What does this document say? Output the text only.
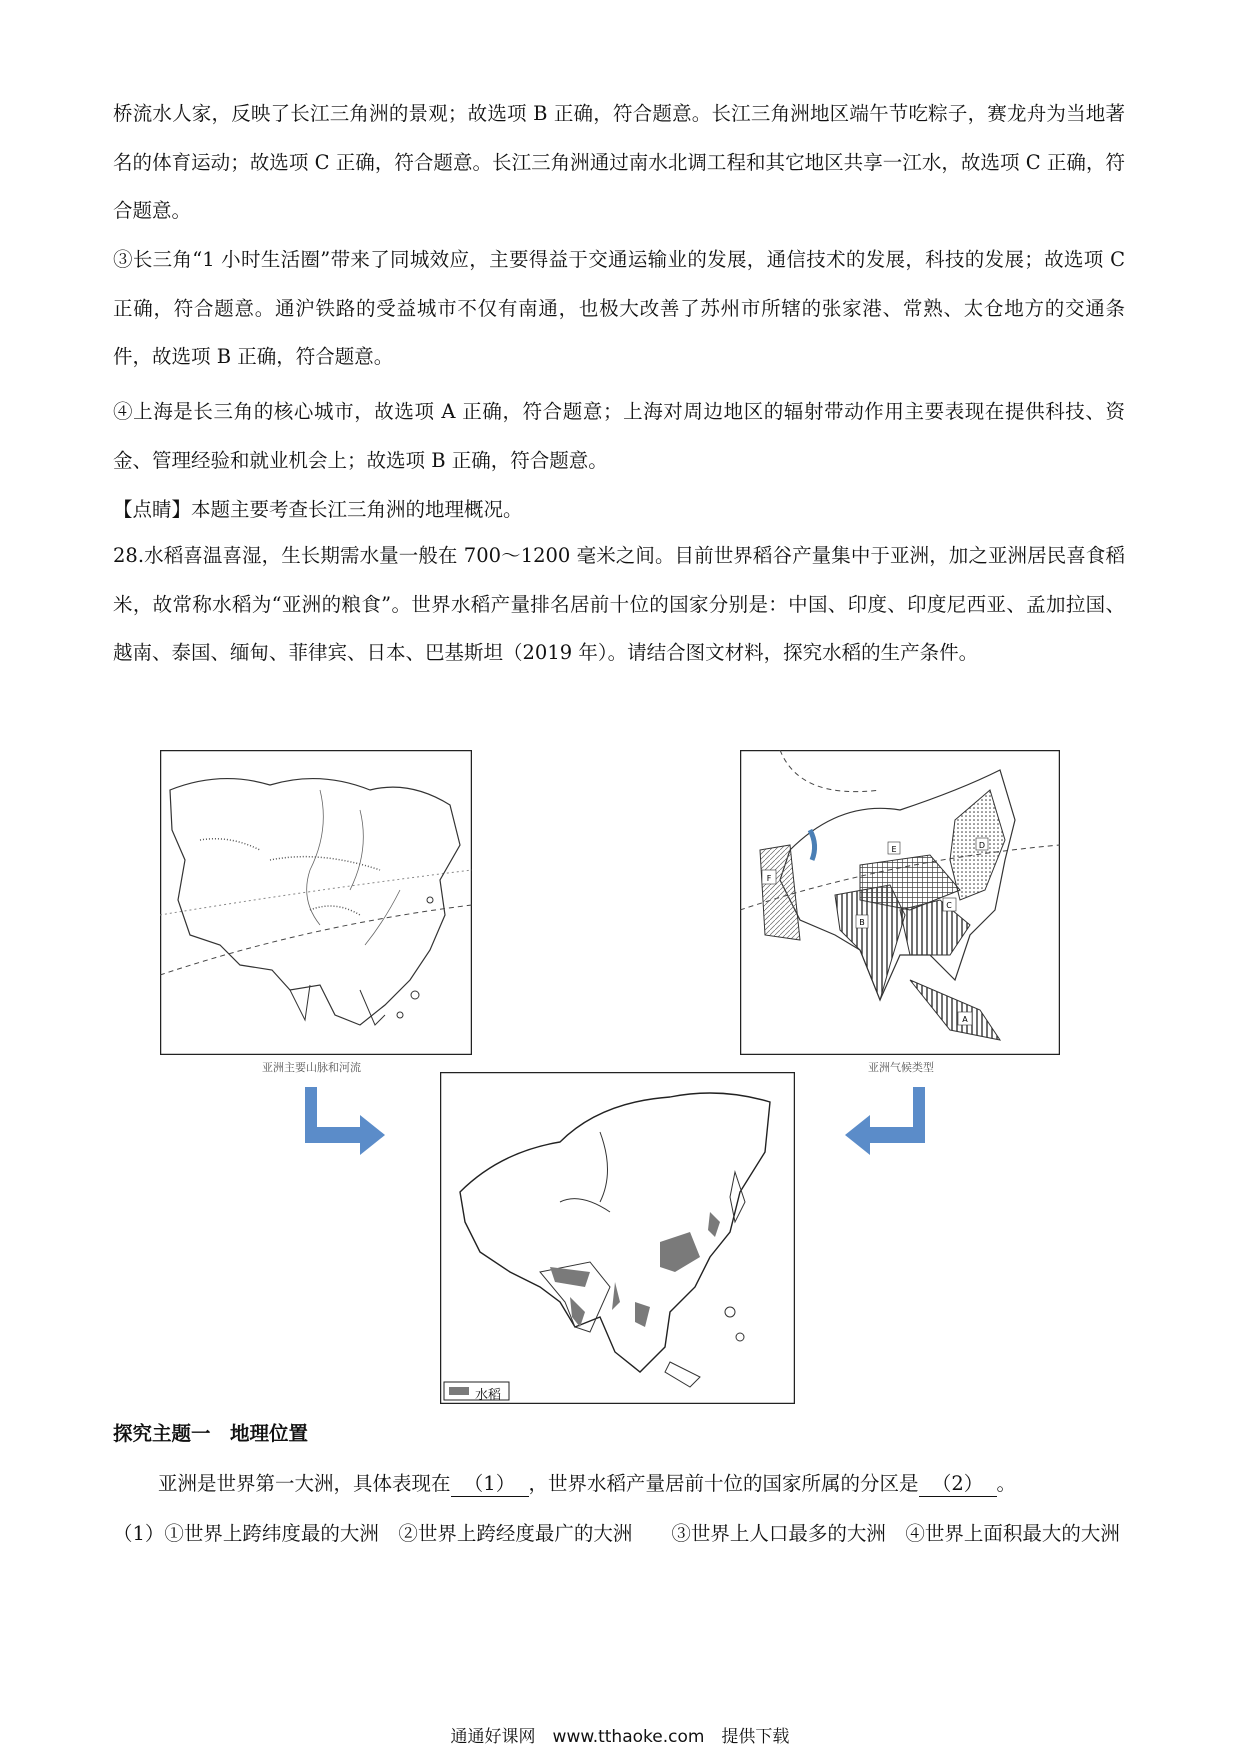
桥流水人家，反映了长江三角洲的景观；故选项 B 正确，符合题意。长江三角洲地区端午节吃粽子，赛龙舟为当地著名的体育运动；故选项 C 正确，符合题意。长江三角洲通过南水北调工程和其它地区共享一江水，故选项 C 正确，符合题意。
③长三角“1 小时生活圈”带来了同城效应，主要得益于交通运输业的发展，通信技术的发展，科技的发展；故选项 C 正确，符合题意。通沪铁路的受益城市不仅有南通，也极大改善了苏州市所辖的张家港、常熟、太仓地方的交通条件，故选项 B 正确，符合题意。
④上海是长三角的核心城市，故选项 A 正确，符合题意；上海对周边地区的辐射带动作用主要表现在提供科技、资金、管理经验和就业机会上；故选项 B 正确，符合题意。
【点睛】本题主要考查长江三角洲的地理概况。
28.水稻喜温喜湿，生长期需水量一般在 700～1200 毫米之间。目前世界稻谷产量集中于亚洲，加之亚洲居民喜食稻米，故常称水稻为“亚洲的粮食”。世界水稻产量排名居前十位的国家分别是：中国、印度、印度尼西亚、孟加拉国、越南、泰国、缅甸、菲律宾、日本、巴基斯坦（2019 年）。请结合图文材料，探究水稻的生产条件。
亚洲主要山脉和河流
E	D
F
C
B
A
亚洲气候类型
水稻
探究主题一　地理位置
亚洲是世界第一大洲，具体表现在 （1） ，世界水稻产量居前十位的国家所属的分区是 （2） 。
（1）①世界上跨纬度最的大洲　②世界上跨经度最广的大洲　　③世界上人口最多的大洲　④世界上面积最大的大洲
通通好课网　www.tthaoke.com　提供下载
